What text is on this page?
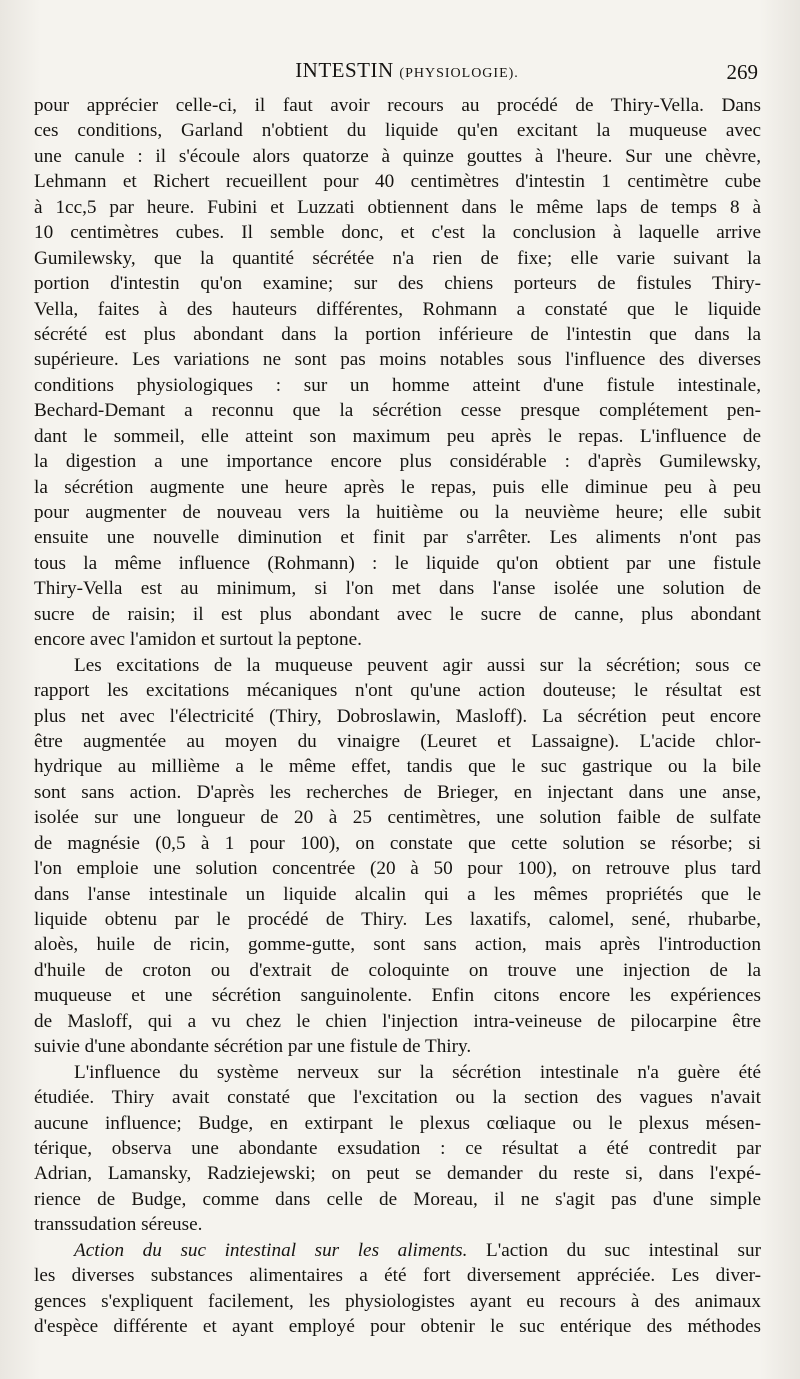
INTESTIN (PHYSIOLOGIE).	269
pour apprécier celle-ci, il faut avoir recours au procédé de Thiry-Vella. Dans
ces conditions, Garland n'obtient du liquide qu'en excitant la muqueuse avec
une canule : il s'écoule alors quatorze à quinze gouttes à l'heure. Sur une chèvre,
Lehmann et Richert recueillent pour 40 centimètres d'intestin 1 centimètre cube
à 1cc,5 par heure. Fubini et Luzzati obtiennent dans le même laps de temps 8 à
10 centimètres cubes. Il semble donc, et c'est la conclusion à laquelle arrive
Gumilewsky, que la quantité sécrétée n'a rien de fixe; elle varie suivant la
portion d'intestin qu'on examine; sur des chiens porteurs de fistules Thiry-
Vella, faites à des hauteurs différentes, Rohmann a constaté que le liquide
sécrété est plus abondant dans la portion inférieure de l'intestin que dans la
supérieure. Les variations ne sont pas moins notables sous l'influence des diverses
conditions physiologiques : sur un homme atteint d'une fistule intestinale,
Bechard-Demant a reconnu que la sécrétion cesse presque complétement pen-
dant le sommeil, elle atteint son maximum peu après le repas. L'influence de
la digestion a une importance encore plus considérable : d'après Gumilewsky,
la sécrétion augmente une heure après le repas, puis elle diminue peu à peu
pour augmenter de nouveau vers la huitième ou la neuvième heure; elle subit
ensuite une nouvelle diminution et finit par s'arrêter. Les aliments n'ont pas
tous la même influence (Rohmann) : le liquide qu'on obtient par une fistule
Thiry-Vella est au minimum, si l'on met dans l'anse isolée une solution de
sucre de raisin; il est plus abondant avec le sucre de canne, plus abondant
encore avec l'amidon et surtout la peptone.
Les excitations de la muqueuse peuvent agir aussi sur la sécrétion; sous ce
rapport les excitations mécaniques n'ont qu'une action douteuse; le résultat est
plus net avec l'électricité (Thiry, Dobroslawin, Masloff). La sécrétion peut encore
être augmentée au moyen du vinaigre (Leuret et Lassaigne). L'acide chlor-
hydrique au millième a le même effet, tandis que le suc gastrique ou la bile
sont sans action. D'après les recherches de Brieger, en injectant dans une anse,
isolée sur une longueur de 20 à 25 centimètres, une solution faible de sulfate
de magnésie (0,5 à 1 pour 100), on constate que cette solution se résorbe; si
l'on emploie une solution concentrée (20 à 50 pour 100), on retrouve plus tard
dans l'anse intestinale un liquide alcalin qui a les mêmes propriétés que le
liquide obtenu par le procédé de Thiry. Les laxatifs, calomel, sené, rhubarbe,
aloès, huile de ricin, gomme-gutte, sont sans action, mais après l'introduction
d'huile de croton ou d'extrait de coloquinte on trouve une injection de la
muqueuse et une sécrétion sanguinolente. Enfin citons encore les expériences
de Masloff, qui a vu chez le chien l'injection intra-veineuse de pilocarpine être
suivie d'une abondante sécrétion par une fistule de Thiry.
L'influence du système nerveux sur la sécrétion intestinale n'a guère été
étudiée. Thiry avait constaté que l'excitation ou la section des vagues n'avait
aucune influence; Budge, en extirpant le plexus cœliaque ou le plexus mésen-
térique, observa une abondante exsudation : ce résultat a été contredit par
Adrian, Lamansky, Radziejewski; on peut se demander du reste si, dans l'expé-
rience de Budge, comme dans celle de Moreau, il ne s'agit pas d'une simple
transsudation séreuse.
Action du suc intestinal sur les aliments. L'action du suc intestinal sur
les diverses substances alimentaires a été fort diversement appréciée. Les diver-
gences s'expliquent facilement, les physiologistes ayant eu recours à des animaux
d'espèce différente et ayant employé pour obtenir le suc entérique des méthodes
